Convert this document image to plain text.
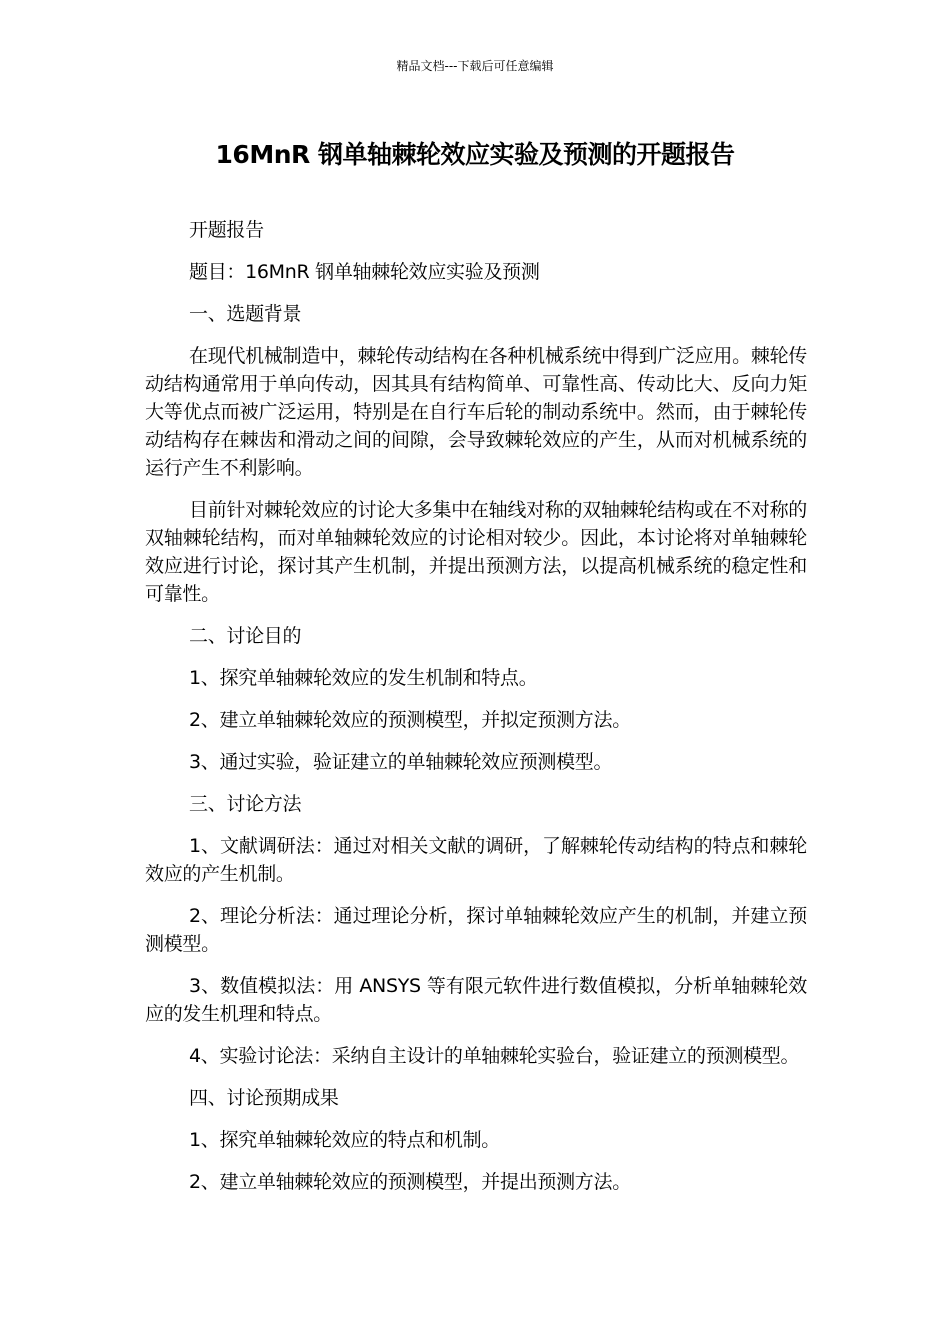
精品文档---下载后可任意编辑
16MnR 钢单轴棘轮效应实验及预测的开题报告

开题报告

题目：16MnR 钢单轴棘轮效应实验及预测

一、选题背景

在现代机械制造中，棘轮传动结构在各种机械系统中得到广泛应用。棘轮传动结构通常用于单向传动，因其具有结构简单、可靠性高、传动比大、反向力矩大等优点而被广泛运用，特别是在自行车后轮的制动系统中。然而，由于棘轮传动结构存在棘齿和滑动之间的间隙，会导致棘轮效应的产生，从而对机械系统的运行产生不利影响。

目前针对棘轮效应的讨论大多集中在轴线对称的双轴棘轮结构或在不对称的双轴棘轮结构，而对单轴棘轮效应的讨论相对较少。因此，本讨论将对单轴棘轮效应进行讨论，探讨其产生机制，并提出预测方法，以提高机械系统的稳定性和可靠性。

二、讨论目的

1、探究单轴棘轮效应的发生机制和特点。

2、建立单轴棘轮效应的预测模型，并拟定预测方法。

3、通过实验，验证建立的单轴棘轮效应预测模型。

三、讨论方法

1、文献调研法：通过对相关文献的调研，了解棘轮传动结构的特点和棘轮效应的产生机制。

2、理论分析法：通过理论分析，探讨单轴棘轮效应产生的机制，并建立预测模型。

3、数值模拟法：用 ANSYS 等有限元软件进行数值模拟，分析单轴棘轮效应的发生机理和特点。

4、实验讨论法：采纳自主设计的单轴棘轮实验台，验证建立的预测模型。

四、讨论预期成果

1、探究单轴棘轮效应的特点和机制。

2、建立单轴棘轮效应的预测模型，并提出预测方法。
